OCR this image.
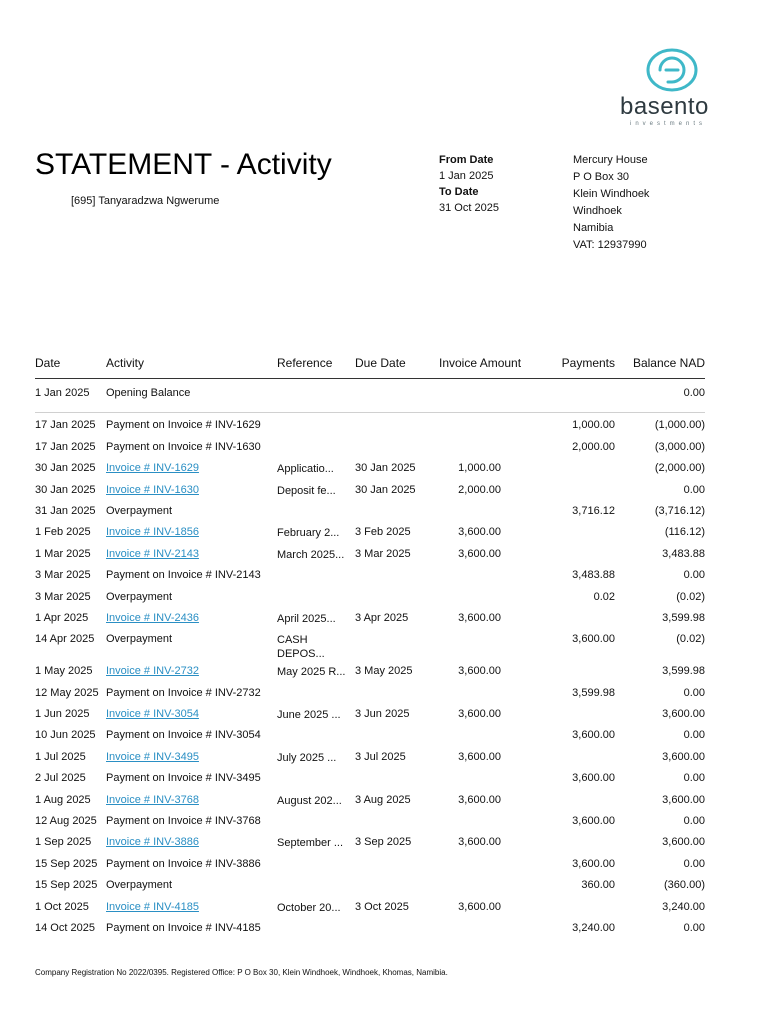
basento
investments
STATEMENT - Activity
[695] Tanyaradzwa Ngwerume
From Date
1 Jan 2025
To Date
31 Oct 2025
Mercury House
P O Box 30
Klein Windhoek
Windhoek
Namibia
VAT: 12937990
Date	Activity	Reference	Due Date	Invoice Amount	Payments	Balance NAD
1 Jan 2025	Opening Balance					0.00
17 Jan 2025	Payment on Invoice # INV-1629				1,000.00	(1,000.00)
17 Jan 2025	Payment on Invoice # INV-1630				2,000.00	(3,000.00)
30 Jan 2025	Invoice # INV-1629	Applicatio...	30 Jan 2025	1,000.00		(2,000.00)
30 Jan 2025	Invoice # INV-1630	Deposit fe...	30 Jan 2025	2,000.00		0.00
31 Jan 2025	Overpayment				3,716.12	(3,716.12)
1 Feb 2025	Invoice # INV-1856	February 2...	3 Feb 2025	3,600.00		(116.12)
1 Mar 2025	Invoice # INV-2143	March 2025...	3 Mar 2025	3,600.00		3,483.88
3 Mar 2025	Payment on Invoice # INV-2143				3,483.88	0.00
3 Mar 2025	Overpayment				0.02	(0.02)
1 Apr 2025	Invoice # INV-2436	April 2025...	3 Apr 2025	3,600.00		3,599.98
14 Apr 2025	Overpayment	CASH DEPOS...			3,600.00	(0.02)
1 May 2025	Invoice # INV-2732	May 2025 R...	3 May 2025	3,600.00		3,599.98
12 May 2025	Payment on Invoice # INV-2732				3,599.98	0.00
1 Jun 2025	Invoice # INV-3054	June 2025 ...	3 Jun 2025	3,600.00		3,600.00
10 Jun 2025	Payment on Invoice # INV-3054				3,600.00	0.00
1 Jul 2025	Invoice # INV-3495	July 2025 ...	3 Jul 2025	3,600.00		3,600.00
2 Jul 2025	Payment on Invoice # INV-3495				3,600.00	0.00
1 Aug 2025	Invoice # INV-3768	August 202...	3 Aug 2025	3,600.00		3,600.00
12 Aug 2025	Payment on Invoice # INV-3768				3,600.00	0.00
1 Sep 2025	Invoice # INV-3886	September ...	3 Sep 2025	3,600.00		3,600.00
15 Sep 2025	Payment on Invoice # INV-3886				3,600.00	0.00
15 Sep 2025	Overpayment				360.00	(360.00)
1 Oct 2025	Invoice # INV-4185	October 20...	3 Oct 2025	3,600.00		3,240.00
14 Oct 2025	Payment on Invoice # INV-4185				3,240.00	0.00
Company Registration No 2022/0395. Registered Office: P O Box 30, Klein Windhoek, Windhoek, Khomas, Namibia.
